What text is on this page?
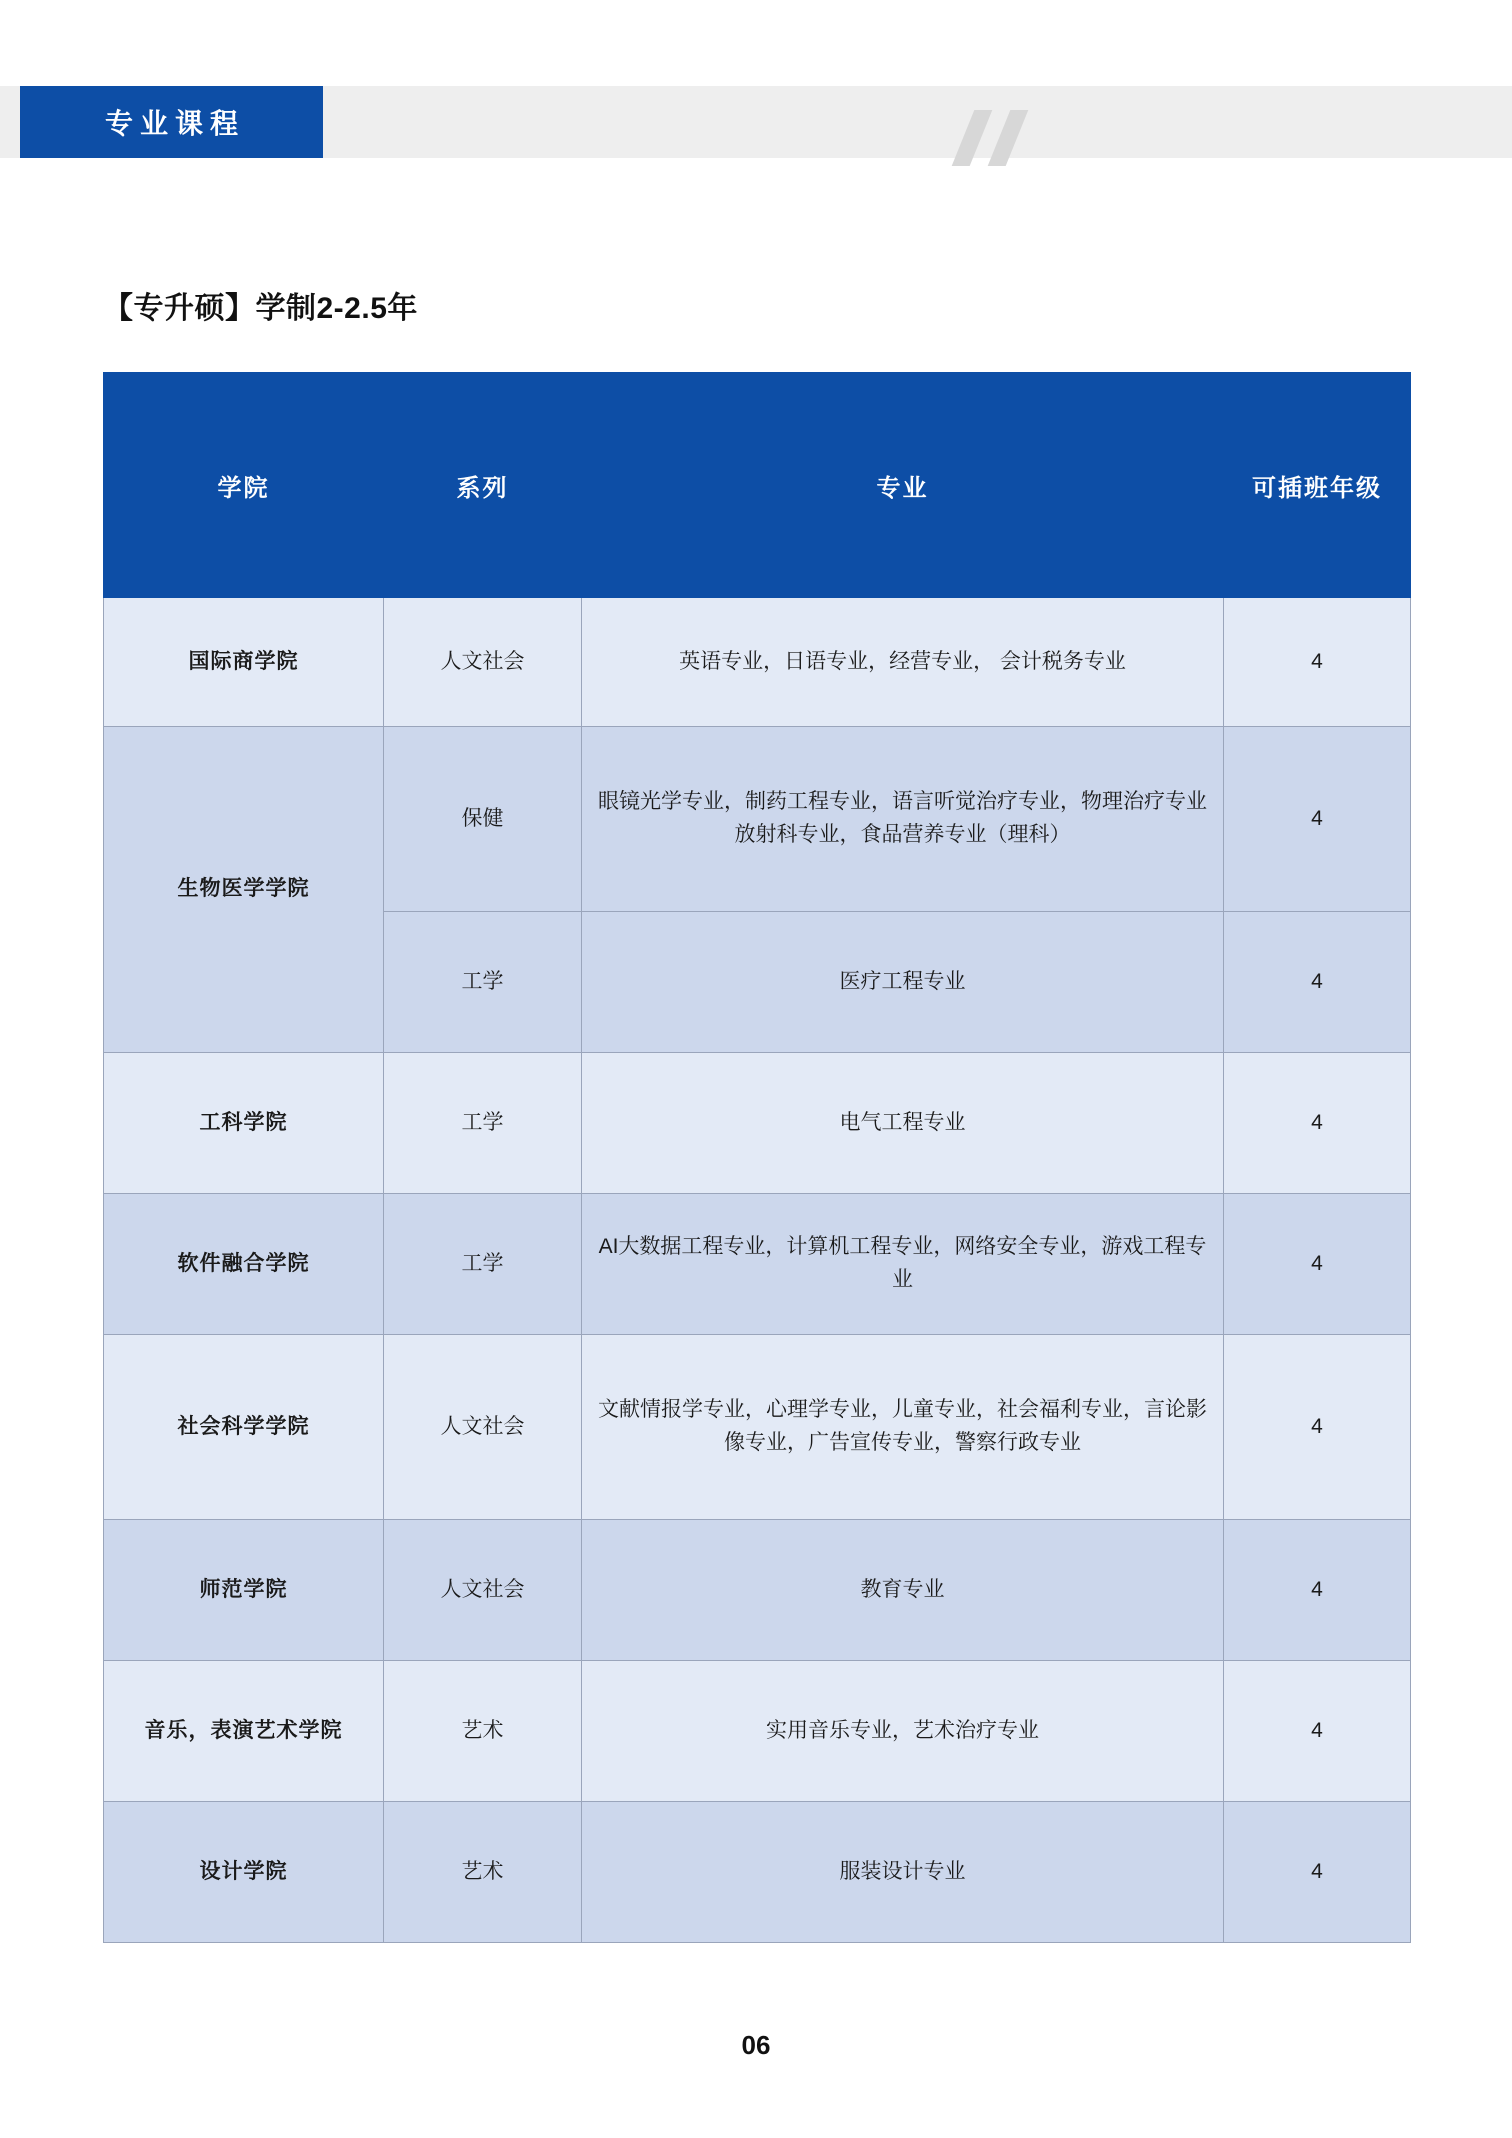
专业课程
【专升硕】学制2-2.5年
学院	系列	专业	可插班年级
国际商学院	人文社会	英语专业，日语专业，经营专业， 会计税务专业	4
生物医学学院	保健	眼镜光学专业，制药工程专业，语言听觉治疗专业，物理治疗专业放射科专业，食品营养专业（理科）	4
	工学	医疗工程专业	4
工科学院	工学	电气工程专业	4
软件融合学院	工学	AI大数据工程专业，计算机工程专业，网络安全专业，游戏工程专业	4
社会科学学院	人文社会	文献情报学专业，心理学专业，儿童专业，社会福利专业，言论影像专业，广告宣传专业，警察行政专业	4
师范学院	人文社会	教育专业	4
音乐，表演艺术学院	艺术	实用音乐专业，艺术治疗专业	4
设计学院	艺术	服装设计专业	4
06
